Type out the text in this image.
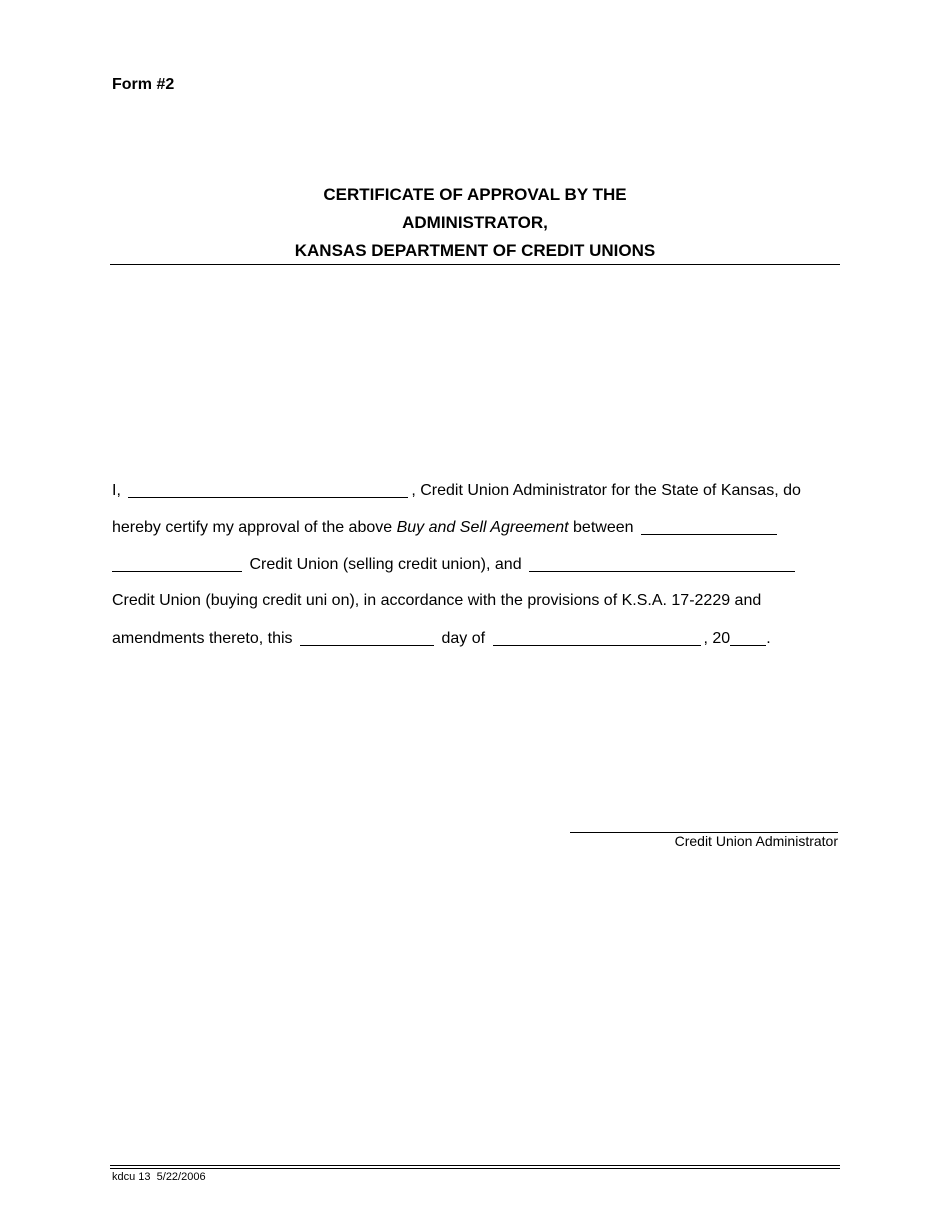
Form #2
CERTIFICATE OF APPROVAL BY THE
ADMINISTRATOR,
KANSAS DEPARTMENT OF CREDIT UNIONS
I,	, Credit Union Administrator for the State of Kansas, do
hereby certify my approval of the above Buy and Sell Agreement between
Credit Union (selling credit union), and
Credit Union (buying credit uni on), in accordance with the provisions of K.S.A. 17-2229 and
amendments thereto, this	day of	, 20 .
Credit Union Administrator
kdcu 13  5/22/2006
